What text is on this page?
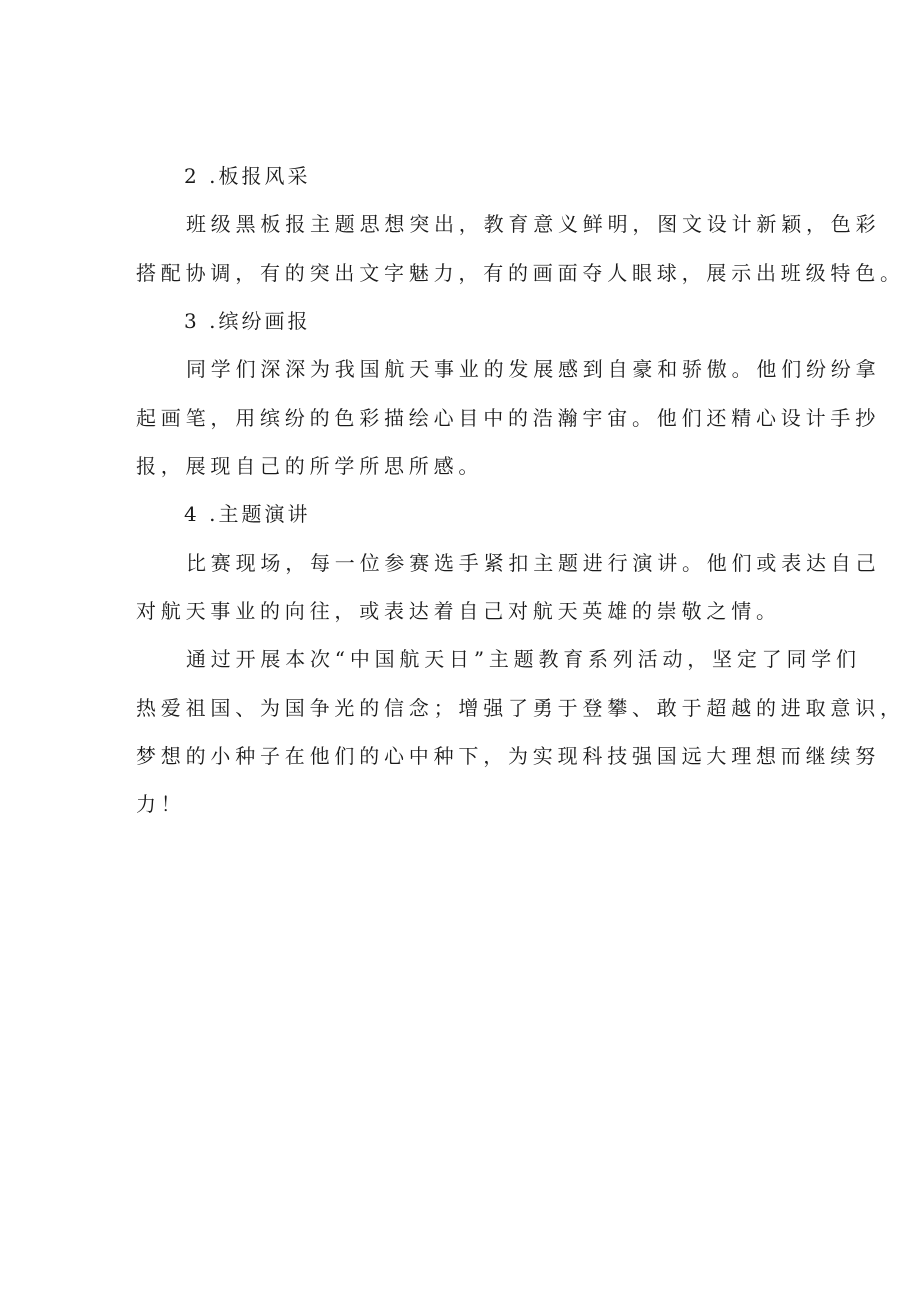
2 .板报风采
班级黑板报主题思想突出，教育意义鲜明，图文设计新颖，色彩
搭配协调，有的突出文字魅力，有的画面夺人眼球，展示出班级特色。
3 .缤纷画报
同学们深深为我国航天事业的发展感到自豪和骄傲。他们纷纷拿
起画笔，用缤纷的色彩描绘心目中的浩瀚宇宙。他们还精心设计手抄
报，展现自己的所学所思所感。
4 .主题演讲
比赛现场，每一位参赛选手紧扣主题进行演讲。他们或表达自己
对航天事业的向往，或表达着自己对航天英雄的崇敬之情。
通过开展本次“中国航天日”主题教育系列活动，坚定了同学们
热爱祖国、为国争光的信念；增强了勇于登攀、敢于超越的进取意识，
梦想的小种子在他们的心中种下，为实现科技强国远大理想而继续努
力！
